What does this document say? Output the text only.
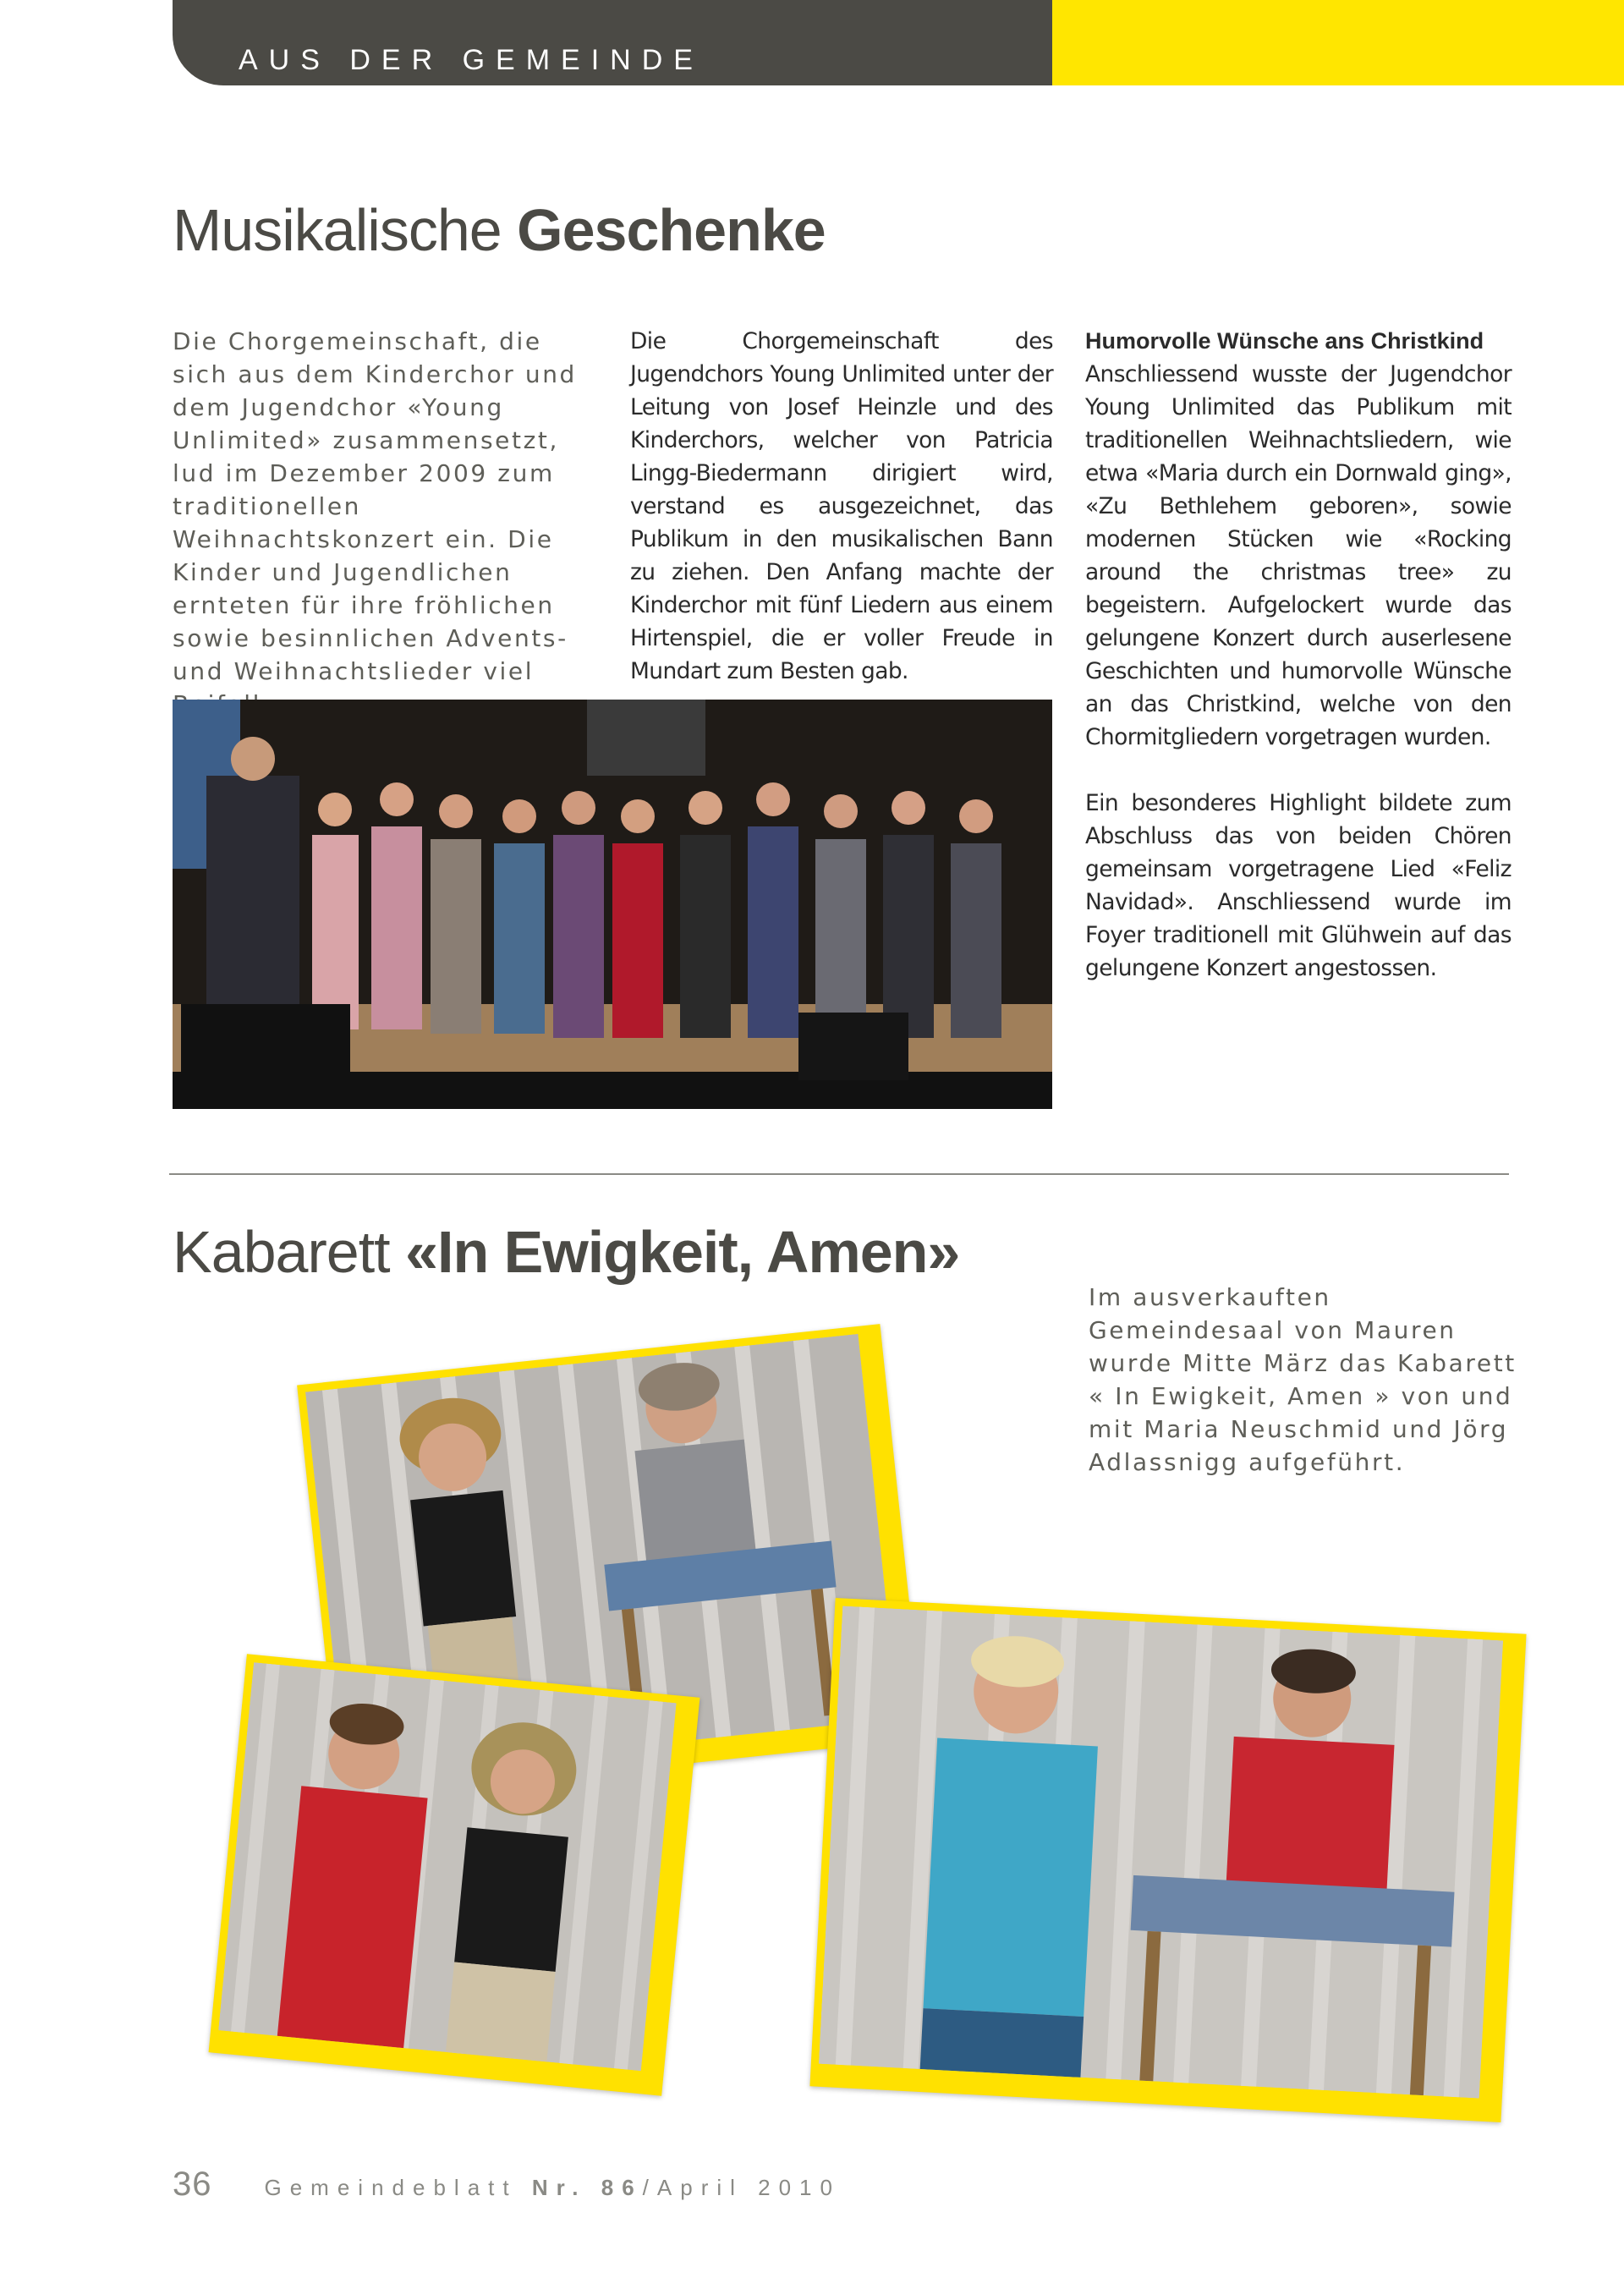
AUS DER GEMEINDE
Musikalische Geschenke
Die Chorgemeinschaft, die sich aus dem Kinderchor und dem Jugendchor «Young Unlimited» zusammensetzt, lud im Dezember 2009 zum traditionellen Weihnachtskonzert ein. Die Kinder und Jugendlichen ernteten für ihre fröhlichen sowie besinnlichen Advents- und Weihnachtslieder viel
Die Chorgemeinschaft des Jugendchors Young Unlimited unter der Leitung von Josef Heinzle und des Kinderchors, welcher von Patricia Lingg-Biedermann dirigiert wird, verstand es ausgezeichnet, das Publikum in den musikalischen Bann zu ziehen. Den Anfang machte der Kinderchor mit fünf Liedern aus einem Hirtenspiel, die er voller Freude in Mundart zum Besten gab.
Humorvolle Wünsche ans Christkind

Anschliessend wusste der Jugendchor Young Unlimited das Publikum mit traditionellen Weihnachtsliedern, wie etwa «Maria durch ein Dornwald ging», «Zu Bethlehem geboren», sowie modernen Stücken wie «Rocking around the christmas tree» zu begeistern. Aufgelockert wurde das gelungene Konzert durch auserlesene Geschichten und humorvolle Wünsche an das Christkind, welche von den Chormitgliedern vorgetragen wurden.

Ein besonderes Highlight bildete zum Abschluss das von beiden Chören gemeinsam vorgetragene Lied «Feliz Navidad». Anschliessend wurde im Foyer traditionell mit Glühwein auf das gelungene Konzert angestossen.

Kabarett «In Ewigkeit, Amen»
Im ausverkauften Gemeindesaal von Mauren wurde Mitte März das Kabarett « In Ewigkeit, Amen » von und mit Maria Neuschmid und Jörg Adlassnigg aufgeführt.
36 Gemeindeblatt Nr. 86/April 2010
